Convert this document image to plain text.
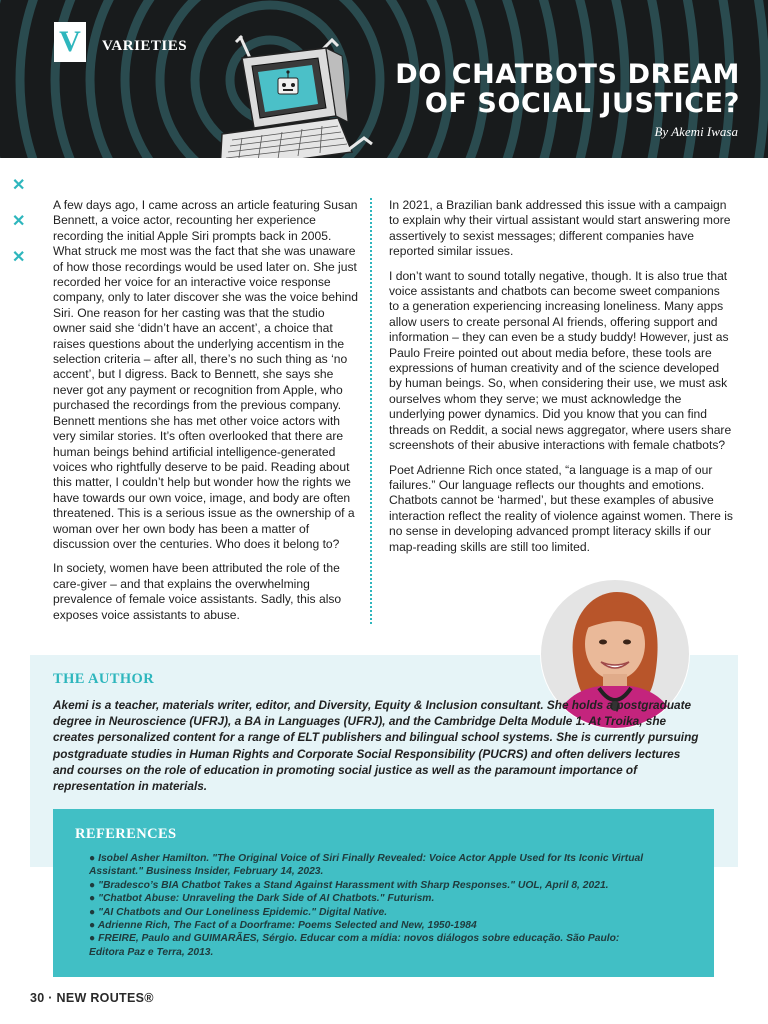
V	VARIETIES
DO CHATBOTS DREAM
OF SOCIAL JUSTICE?
By Akemi Iwasa
✕
✕
✕

A few days ago, I came across an article featuring Susan Bennett, a voice actor, recounting her experience recording the initial Apple Siri prompts back in 2005. What struck me most was the fact that she was unaware of how those recordings would be used later on. She just recorded her voice for an interactive voice response company, only to later discover she was the voice behind Siri. One reason for her casting was that the studio owner said she ‘didn’t have an accent’, a choice that raises questions about the underlying accentism in the selection criteria – after all, there’s no such thing as ‘no accent’, but I digress. Back to Bennett, she says she never got any payment or recognition from Apple, who purchased the recordings from the previous company. Bennett mentions she has met other voice actors with very similar stories. It’s often overlooked that there are human beings behind artificial intelligence-generated voices who rightfully deserve to be paid. Reading about this matter, I couldn’t help but wonder how the rights we have towards our own voice, image, and body are often threatened. This is a serious issue as the ownership of a woman over her own body has been a matter of discussion over the centuries. Who does it belong to?

In society, women have been attributed the role of the care-giver – and that explains the overwhelming prevalence of female voice assistants. Sadly, this also exposes voice assistants to abuse.

In 2021, a Brazilian bank addressed this issue with a campaign to explain why their virtual assistant would start answering more assertively to sexist messages; different companies have reported similar issues.

I don’t want to sound totally negative, though. It is also true that voice assistants and chatbots can become sweet companions to a generation experiencing increasing loneliness. Many apps allow users to create personal AI friends, offering support and information – they can even be a study buddy! However, just as Paulo Freire pointed out about media before, these tools are expressions of human creativity and of the science developed by human beings. So, when considering their use, we must ask ourselves whom they serve; we must acknowledge the underlying power dynamics. Did you know that you can find threads on Reddit, a social news aggregator, where users share screenshots of their abusive interactions with female chatbots?

Poet Adrienne Rich once stated, “a language is a map of our failures.” Our language reflects our thoughts and emotions. Chatbots cannot be ‘harmed’, but these examples of abusive interaction reflect the reality of violence against women. There is no sense in developing advanced prompt literacy skills if our map-reading skills are still too limited.

THE AUTHOR

Akemi is a teacher, materials writer, editor, and Diversity, Equity & Inclusion consultant. She holds a postgraduate degree in Neuroscience (UFRJ), a BA in Languages (UFRJ), and the Cambridge Delta Module 1. At Troika, she creates personalized content for a range of ELT publishers and bilingual school systems. She is currently pursuing postgraduate studies in Human Rights and Corporate Social Responsibility (PUCRS) and often delivers lectures and courses on the role of education in promoting social justice as well as the paramount importance of representation in materials.

REFERENCES
● Isobel Asher Hamilton. "The Original Voice of Siri Finally Revealed: Voice Actor Apple Used for Its Iconic Virtual Assistant." Business Insider, February 14, 2023.
● "Bradesco’s BIA Chatbot Takes a Stand Against Harassment with Sharp Responses." UOL, April 8, 2021.
● "Chatbot Abuse: Unraveling the Dark Side of AI Chatbots." Futurism.
● "AI Chatbots and Our Loneliness Epidemic." Digital Native.
● Adrienne Rich, The Fact of a Doorframe: Poems Selected and New, 1950-1984
● FREIRE, Paulo and GUIMARÃES, Sérgio. Educar com a mídia: novos diálogos sobre educação. São Paulo: Editora Paz e Terra, 2013.
30 · NEW ROUTES®
